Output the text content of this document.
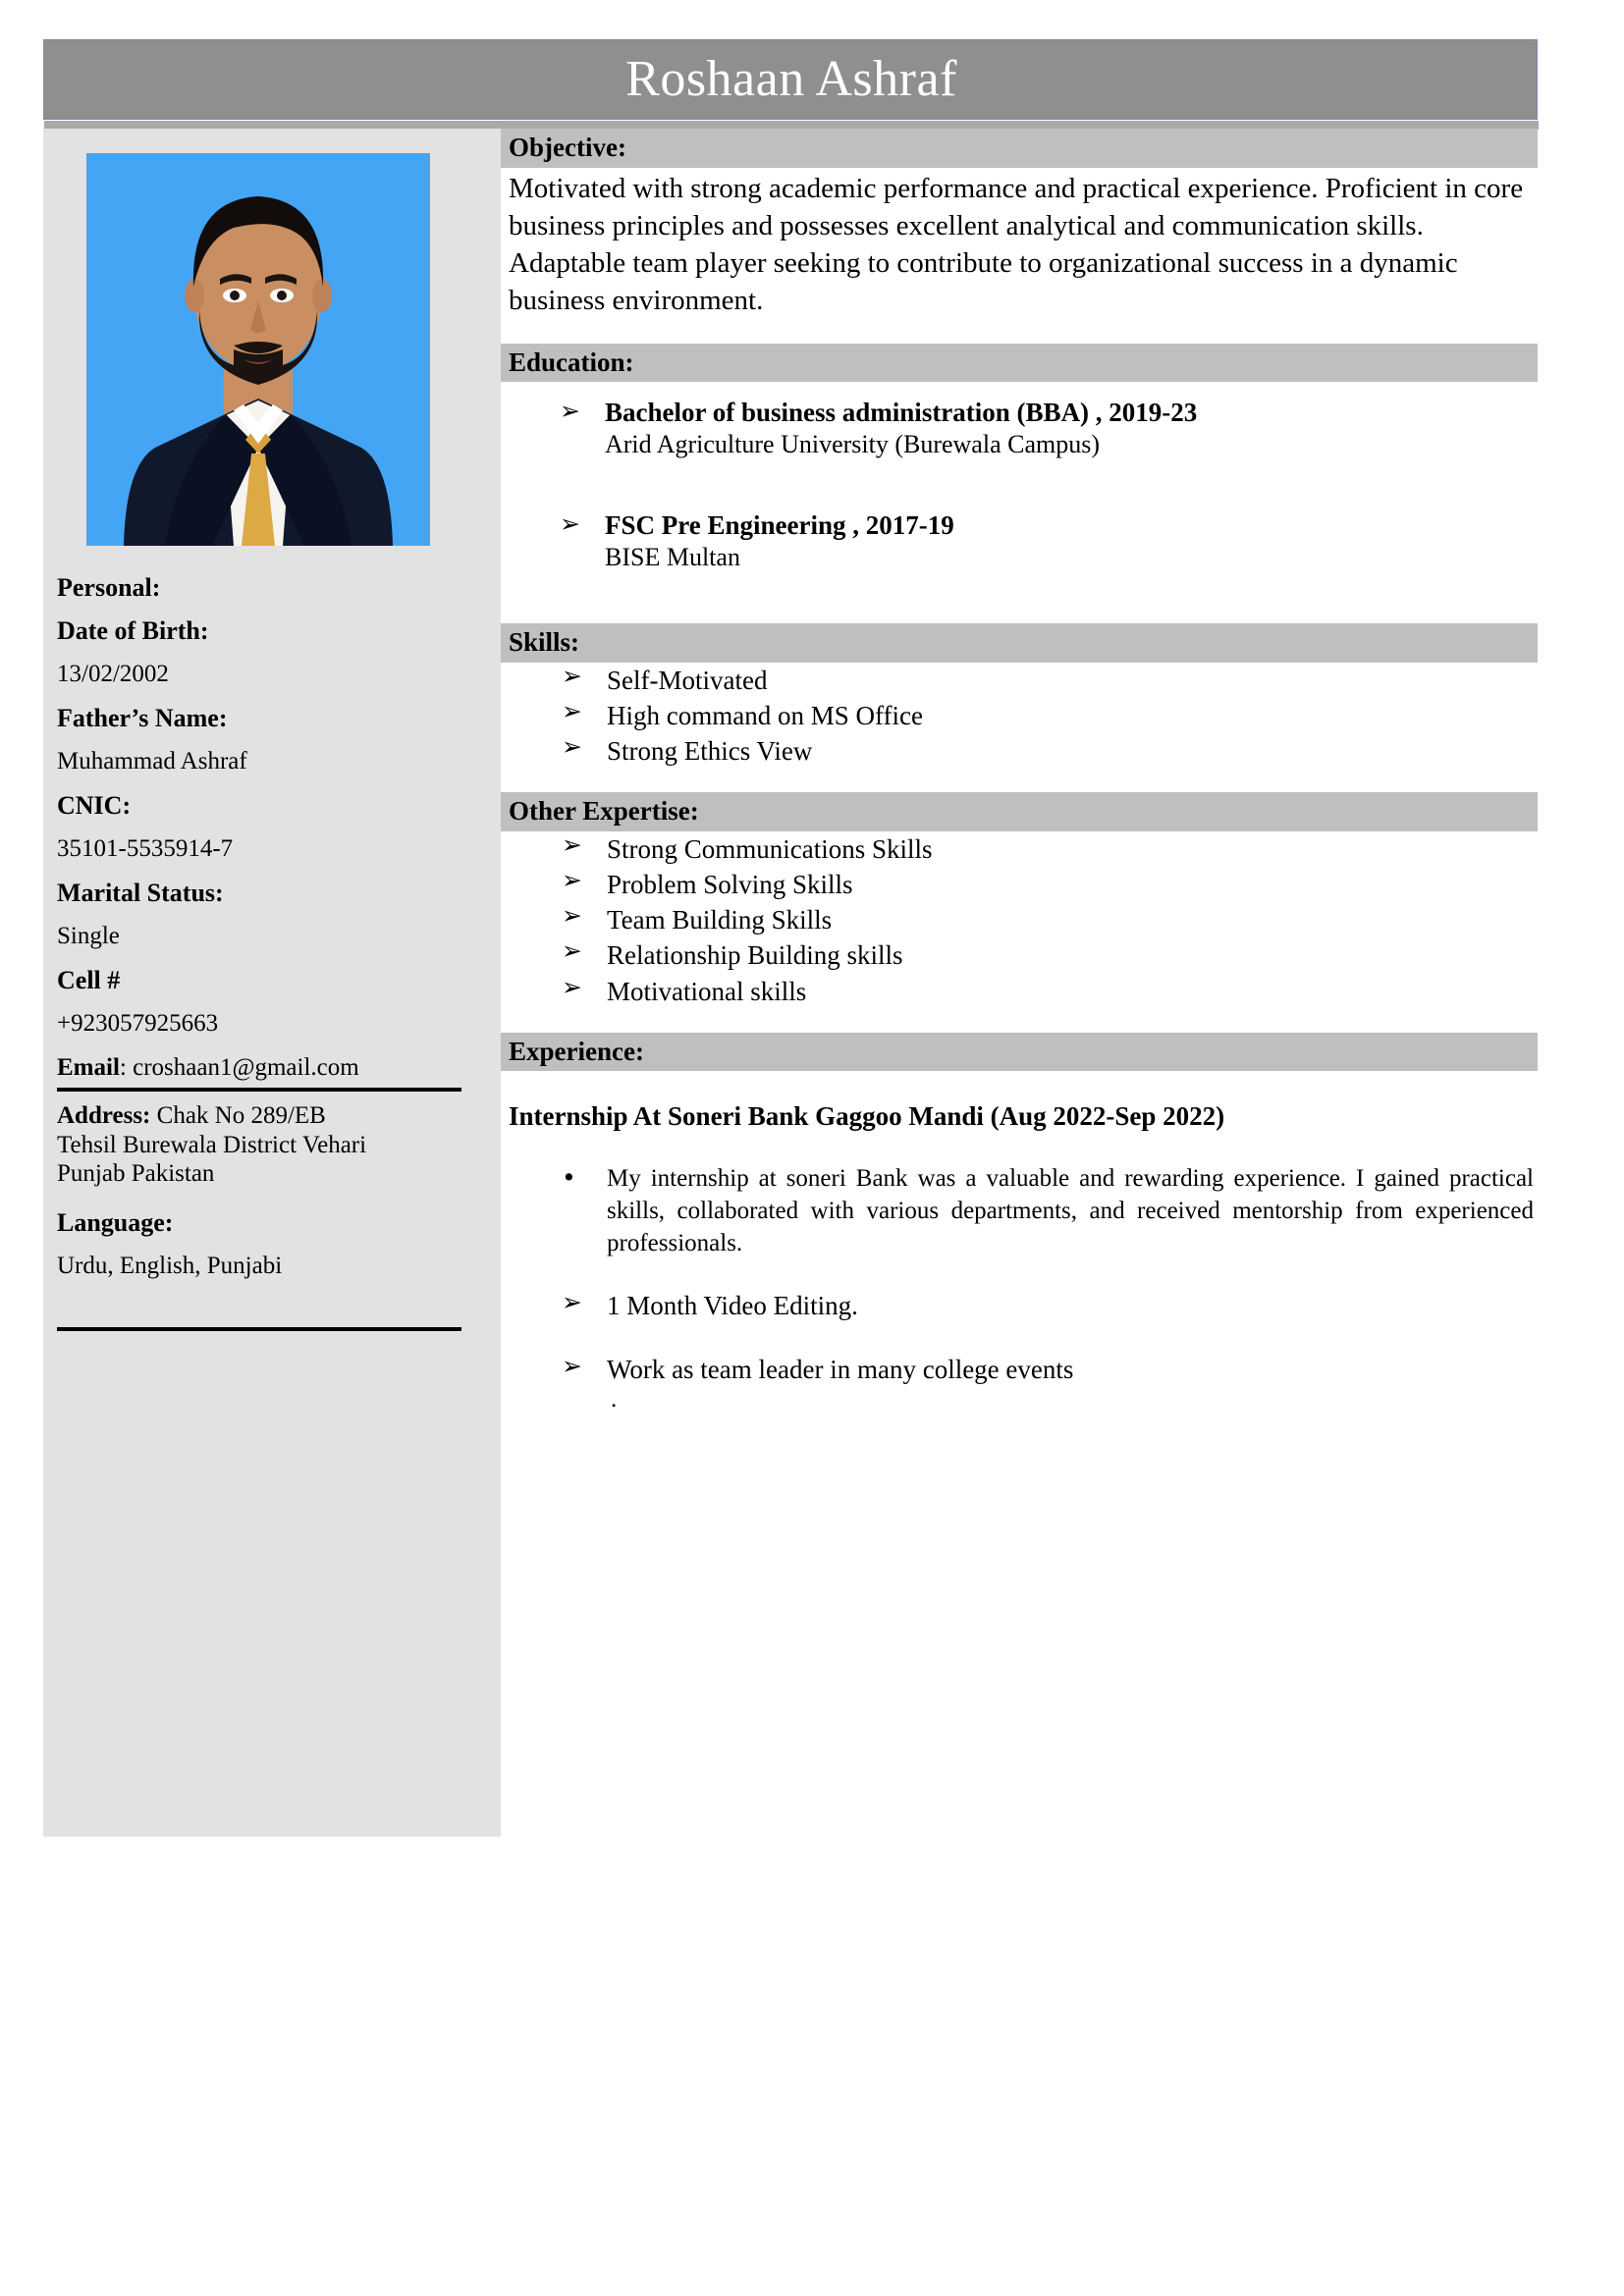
Roshaan Ashraf
Personal:
Date of Birth:
13/02/2002
Father’s Name:
Muhammad Ashraf
CNIC:
35101-5535914-7
Marital Status:
Single
Cell #
+923057925663
Email: croshaan1@gmail.com
Address: Chak No 289/EB
Tehsil Burewala District Vehari
Punjab Pakistan
Language:
Urdu, English, Punjabi
Objective:

Motivated with strong academic performance and practical experience. Proficient in core business principles and possesses excellent analytical and communication skills. Adaptable team player seeking to contribute to organizational success in a dynamic business environment.

Education:
➢ Bachelor of business administration (BBA) , 2019-23
Arid Agriculture University (Burewala Campus)
➢ FSC Pre Engineering , 2017-19
BISE Multan
Skills:
➢ Self-Motivated
➢ High command on MS Office
➢ Strong Ethics View
Other Expertise:
➢ Strong Communications Skills
➢ Problem Solving Skills
➢ Team Building Skills
➢ Relationship Building skills
➢ Motivational skills
Experience:
Internship At Soneri Bank Gaggoo Mandi (Aug 2022-Sep 2022)
•	My internship at soneri Bank was a valuable and rewarding experience. I gained practical skills, collaborated with various departments, and received mentorship from experienced professionals.
➢ 1 Month Video Editing.
➢ Work as team leader in many college events
.
